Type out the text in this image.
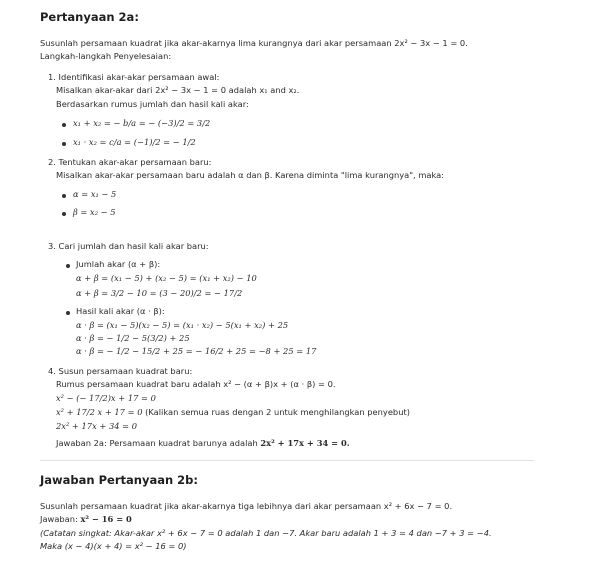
Pertanyaan 2a:
Susunlah persamaan kuadrat jika akar-akarnya lima kurangnya dari akar persamaan 2x² − 3x − 1 = 0.
Langkah-langkah Penyelesaian:
1. Identifikasi akar-akar persamaan awal:
Misalkan akar-akar dari 2x² − 3x − 1 = 0 adalah x₁ and x₂.
Berdasarkan rumus jumlah dan hasil kali akar:
x₁ + x₂ = − b/a = − (−3)/2 = 3/2
x₁ · x₂ = c/a = (−1)/2 = − 1/2
2. Tentukan akar-akar persamaan baru:
Misalkan akar-akar persamaan baru adalah α dan β. Karena diminta "lima kurangnya", maka:
α = x₁ − 5
β = x₂ − 5
3. Cari jumlah dan hasil kali akar baru:
Jumlah akar (α + β):
α + β = (x₁ − 5) + (x₂ − 5) = (x₁ + x₂) − 10
α + β = 3/2 − 10 = (3 − 20)/2 = − 17/2
Hasil kali akar (α · β):
α · β = (x₁ − 5)(x₂ − 5) = (x₁ · x₂) − 5(x₁ + x₂) + 25
α · β = − 1/2 − 5(3/2) + 25
α · β = − 1/2 − 15/2 + 25 = − 16/2 + 25 = −8 + 25 = 17
4. Susun persamaan kuadrat baru:
Rumus persamaan kuadrat baru adalah x² − (α + β)x + (α · β) = 0.
x² − (− 17/2)x + 17 = 0
x² + 17/2 x + 17 = 0 (Kalikan semua ruas dengan 2 untuk menghilangkan penyebut)
2x² + 17x + 34 = 0
Jawaban 2a: Persamaan kuadrat barunya adalah 2x² + 17x + 34 = 0.
Jawaban Pertanyaan 2b:
Susunlah persamaan kuadrat jika akar-akarnya tiga lebihnya dari akar persamaan x² + 6x − 7 = 0.
Jawaban: x² − 16 = 0
(Catatan singkat: Akar-akar x² + 6x − 7 = 0 adalah 1 dan −7. Akar baru adalah 1 + 3 = 4 dan −7 + 3 = −4.
Maka (x − 4)(x + 4) = x² − 16 = 0)
